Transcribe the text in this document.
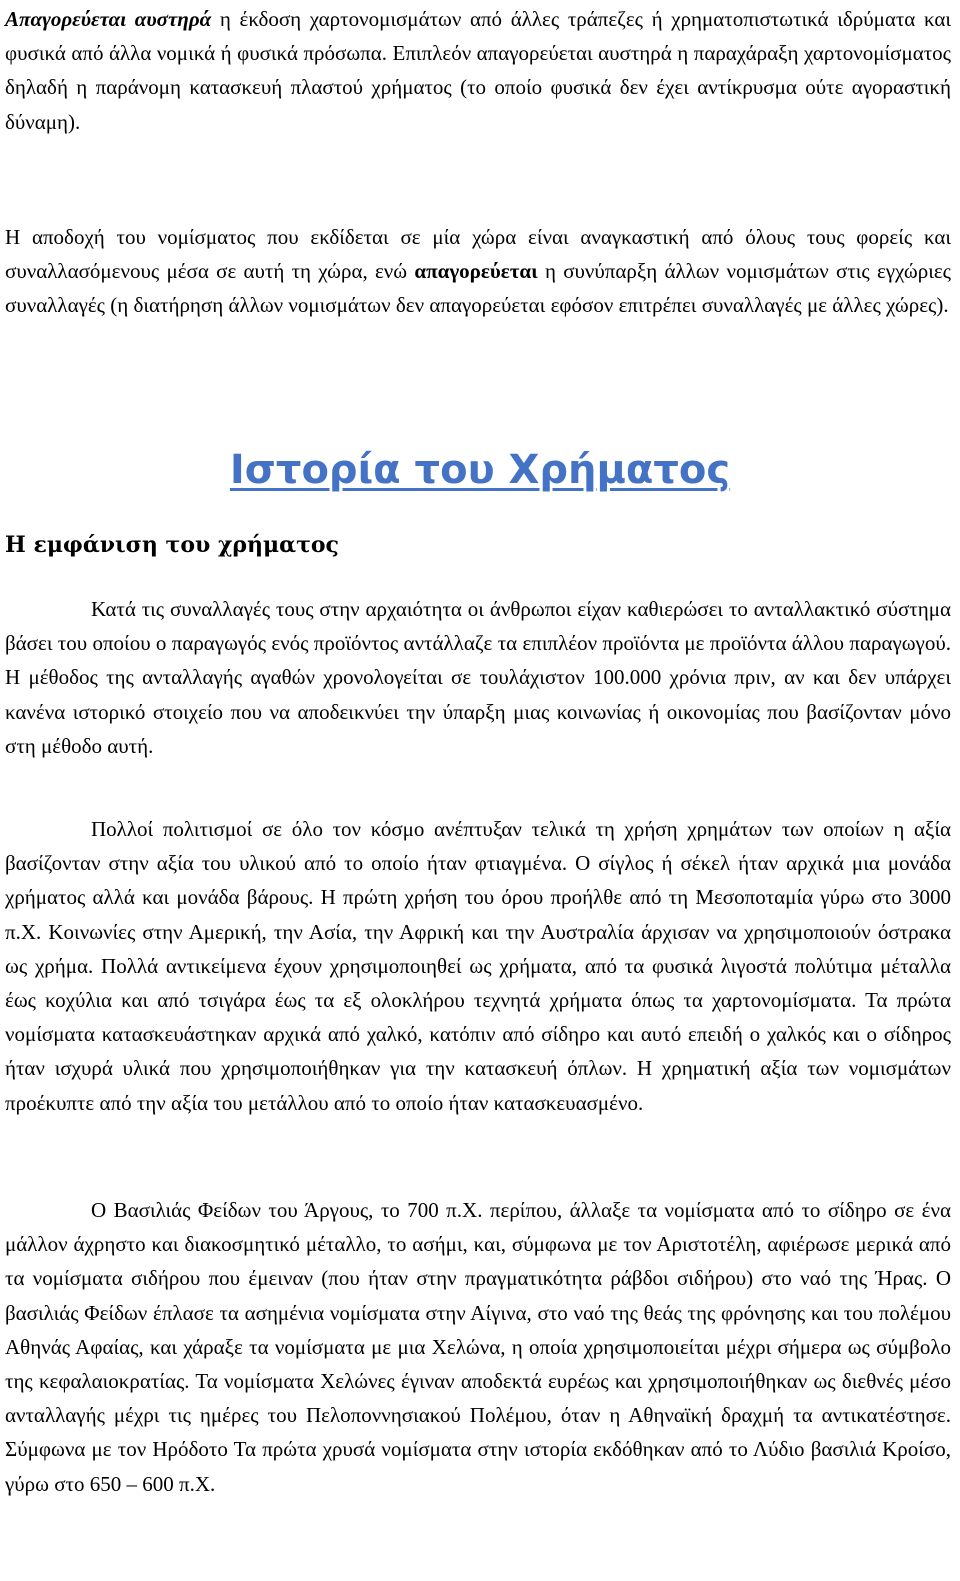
Απαγορεύεται αυστηρά η έκδοση χαρτονομισμάτων από άλλες τράπεζες ή χρηματοπιστωτικά ιδρύματα και φυσικά από άλλα νομικά ή φυσικά πρόσωπα. Επιπλεόν απαγορεύεται αυστηρά η παραχάραξη χαρτονομίσματος δηλαδή η παράνομη κατασκευή πλαστού χρήματος (το οποίο φυσικά δεν έχει αντίκρυσμα ούτε αγοραστική δύναμη).

Η αποδοχή του νομίσματος που εκδίδεται σε μία χώρα είναι αναγκαστική από όλους τους φορείς και συναλλασόμενους μέσα σε αυτή τη χώρα, ενώ απαγορεύεται η συνύπαρξη άλλων νομισμάτων στις εγχώριες συναλλαγές (η διατήρηση άλλων νομισμάτων δεν απαγορεύεται εφόσον επιτρέπει συναλλαγές με άλλες χώρες).

Ιστορία του Χρήματος
Η εμφάνιση του χρήματος

Κατά τις συναλλαγές τους στην αρχαιότητα οι άνθρωποι είχαν καθιερώσει το ανταλλακτικό σύστημα βάσει του οποίου ο παραγωγός ενός προϊόντος αντάλλαζε τα επιπλέον προϊόντα με προϊόντα άλλου παραγωγού. Η μέθοδος της ανταλλαγής αγαθών χρονολογείται σε τουλάχιστον 100.000 χρόνια πριν, αν και δεν υπάρχει κανένα ιστορικό στοιχείο που να αποδεικνύει την ύπαρξη μιας κοινωνίας ή οικονομίας που βασίζονταν μόνο στη μέθοδο αυτή.

Πολλοί πολιτισμοί σε όλο τον κόσμο ανέπτυξαν τελικά τη χρήση χρημάτων των οποίων η αξία βασίζονταν στην αξία του υλικού από το οποίο ήταν φτιαγμένα. Ο σίγλος ή σέκελ ήταν αρχικά μια μονάδα χρήματος αλλά και μονάδα βάρους. Η πρώτη χρήση του όρου προήλθε από τη Μεσοποταμία γύρω στο 3000 π.Χ. Κοινωνίες στην Αμερική, την Ασία, την Αφρική και την Αυστραλία άρχισαν να χρησιμοποιούν όστρακα ως χρήμα. Πολλά αντικείμενα έχουν χρησιμοποιηθεί ως χρήματα, από τα φυσικά λιγοστά πολύτιμα μέταλλα έως κοχύλια και από τσιγάρα έως τα εξ ολοκλήρου τεχνητά χρήματα όπως τα χαρτονομίσματα. Τα πρώτα νομίσματα κατασκευάστηκαν αρχικά από χαλκό, κατόπιν από σίδηρο και αυτό επειδή ο χαλκός και ο σίδηρος ήταν ισχυρά υλικά που χρησιμοποιήθηκαν για την κατασκευή όπλων. Η χρηματική αξία των νομισμάτων προέκυπτε από την αξία του μετάλλου από το οποίο ήταν κατασκευασμένο.

Ο Βασιλιάς Φείδων του Άργους, το 700 π.Χ. περίπου, άλλαξε τα νομίσματα από το σίδηρο σε ένα μάλλον άχρηστο και διακοσμητικό μέταλλο, το ασήμι, και, σύμφωνα με τον Αριστοτέλη, αφιέρωσε μερικά από τα νομίσματα σιδήρου που έμειναν (που ήταν στην πραγματικότητα ράβδοι σιδήρου) στο ναό της Ήρας. Ο βασιλιάς Φείδων έπλασε τα ασημένια νομίσματα στην Αίγινα, στο ναό της θεάς της φρόνησης και του πολέμου Αθηνάς Αφαίας, και χάραξε τα νομίσματα με μια Χελώνα, η οποία χρησιμοποιείται μέχρι σήμερα ως σύμβολο της κεφαλαιοκρατίας. Τα νομίσματα Χελώνες έγιναν αποδεκτά ευρέως και χρησιμοποιήθηκαν ως διεθνές μέσο ανταλλαγής μέχρι τις ημέρες του Πελοποννησιακού Πολέμου, όταν η Αθηναϊκή δραχμή τα αντικατέστησε. Σύμφωνα με τον Ηρόδοτο Τα πρώτα χρυσά νομίσματα στην ιστορία εκδόθηκαν από το Λύδιο βασιλιά Κροίσο, γύρω στο 650 – 600 π.Χ.
